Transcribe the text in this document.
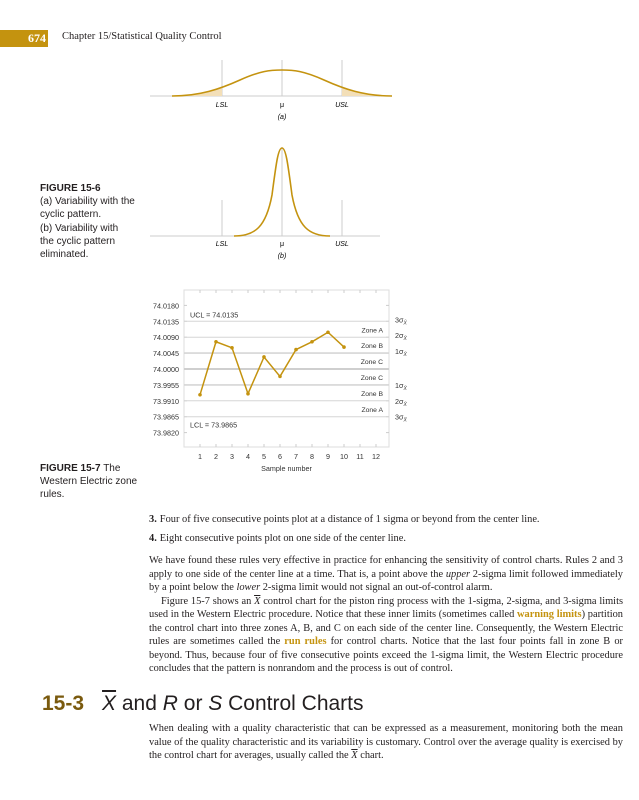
674 Chapter 15/Statistical Quality Control
LSL	μ	USL
(a)
LSL	μ	USL
(b)
FIGURE 15-6
(a) Variability with the
cyclic pattern.
(b) Variability with
the cyclic pattern
eliminated.
74.0180
74.0135
74.0090
74.0045
74.0000
73.9955
73.9910
73.9865
73.9820
1 2 3 4 5 6 7 8 9 10 11 12
Sample number
UCL = 74.0135
LCL = 73.9865
Zone A
Zone B
Zone C
Zone C
Zone B
Zone A
$3\sigma_{X̄}$
$2\sigma_{X̄}$
$1\sigma_{X̄}$
$1\sigma_{X̄}$
$2\sigma_{X̄}$
$3\sigma_{X̄}$
FIGURE 15-7 The Western Electric zone rules.
3. Four of five consecutive points plot at a distance of 1 sigma or beyond from the center line.
4. Eight consecutive points plot on one side of the center line.

We have found these rules very effective in practice for enhancing the sensitivity of control charts. Rules 2 and 3 apply to one side of the center line at a time. That is, a point above the upper 2-sigma limit followed immediately by a point below the lower 2-sigma limit would not signal an out-of-control alarm.

Figure 15-7 shows an $\overline{X}$ control chart for the piston ring process with the 1-sigma, 2-sigma, and 3-sigma limits used in the Western Electric procedure. Notice that these inner limits (sometimes called warning limits) partition the control chart into three zones A, B, and C on each side of the center line. Consequently, the Western Electric rules are sometimes called the run rules for control charts. Notice that the last four points fall in zone B or beyond. Thus, because four of five consecutive points exceed the 1-sigma limit, the Western Electric procedure concludes that the pattern is nonrandom and the process is out of control.

15-3 $\overline{X}$ and R or S Control Charts

When dealing with a quality characteristic that can be expressed as a measurement, monitoring both the mean value of the quality characteristic and its variability is customary. Control over the average quality is exercised by the control chart for averages, usually called the $\overline{X}$ chart.
